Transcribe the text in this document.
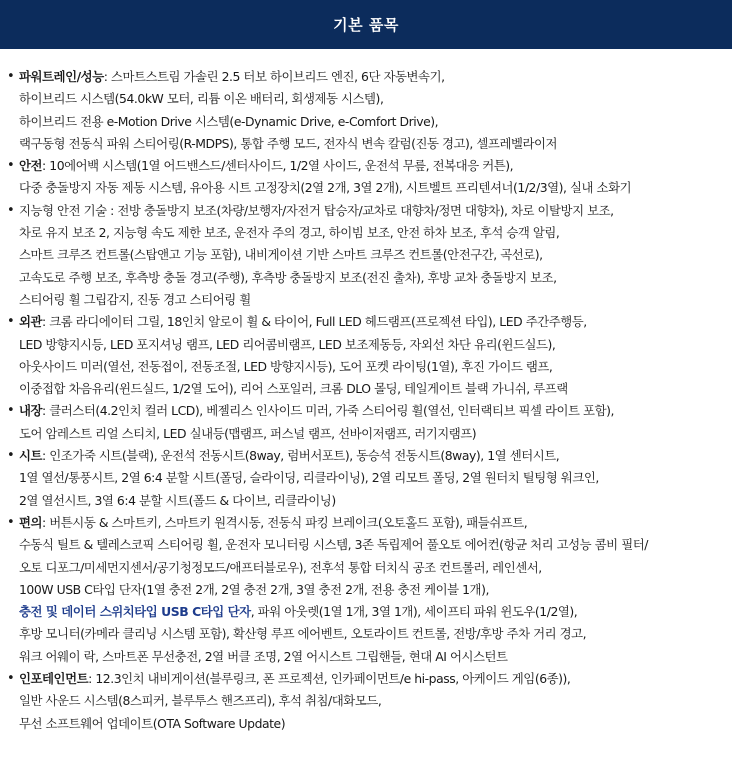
기본 품목
• 파워트레인/성능: 스마트스트림 가솔린 2.5 터보 하이브리드 엔진, 6단 자동변속기,
하이브리드 시스템(54.0kW 모터, 리튬 이온 배터리, 회생제동 시스템),
하이브리드 전용 e-Motion Drive 시스템(e-Dynamic Drive, e-Comfort Drive),
랙구동형 전동식 파워 스티어링(R-MDPS), 통합 주행 모드, 전자식 변속 칼럼(진동 경고), 셀프레벨라이저
• 안전: 10에어백 시스템(1열 어드밴스드/센터사이드, 1/2열 사이드, 운전석 무릎, 전복대응 커튼),
다중 충돌방지 자동 제동 시스템, 유아용 시트 고정장치(2열 2개, 3열 2개), 시트벨트 프리텐셔너(1/2/3열), 실내 소화기
• 지능형 안전 기술 : 전방 충돌방지 보조(차량/보행자/자전거 탑승자/교차로 대향차/정면 대향차), 차로 이탈방지 보조,
차로 유지 보조 2, 지능형 속도 제한 보조, 운전자 주의 경고, 하이빔 보조, 안전 하차 보조, 후석 승객 알림,
스마트 크루즈 컨트롤(스탑앤고 기능 포함), 내비게이션 기반 스마트 크루즈 컨트롤(안전구간, 곡선로),
고속도로 주행 보조, 후측방 충돌 경고(주행), 후측방 충돌방지 보조(전진 출차), 후방 교차 충돌방지 보조,
스티어링 휠 그립감지, 진동 경고 스티어링 휠
• 외관: 크롬 라디에이터 그릴, 18인치 알로이 휠 & 타이어, Full LED 헤드램프(프로젝션 타입), LED 주간주행등,
LED 방향지시등, LED 포지셔닝 램프, LED 리어콤비램프, LED 보조제동등, 자외선 차단 유리(윈드실드),
아웃사이드 미러(열선, 전동접이, 전동조절, LED 방향지시등), 도어 포켓 라이팅(1열), 후진 가이드 램프,
이중접합 차음유리(윈드실드, 1/2열 도어), 리어 스포일러, 크롬 DLO 몰딩, 테일게이트 블랙 가니쉬, 루프랙
• 내장: 클러스터(4.2인치 컬러 LCD), 베젤리스 인사이드 미러, 가죽 스티어링 휠(열선, 인터랙티브 픽셀 라이트 포함),
도어 암레스트 리얼 스티치, LED 실내등(맵램프, 퍼스널 램프, 선바이저램프, 러기지램프)
• 시트: 인조가죽 시트(블랙), 운전석 전동시트(8way, 럼버서포트), 동승석 전동시트(8way), 1열 센터시트,
1열 열선/통풍시트, 2열 6:4 분할 시트(폴딩, 슬라이딩, 리클라이닝), 2열 리모트 폴딩, 2열 원터치 틸팅형 워크인,
2열 열선시트, 3열 6:4 분할 시트(폴드 & 다이브, 리클라이닝)
• 편의: 버튼시동 & 스마트키, 스마트키 원격시동, 전동식 파킹 브레이크(오토홀드 포함), 패들쉬프트,
수동식 틸트 & 텔레스코픽 스티어링 휠, 운전자 모니터링 시스템, 3존 독립제어 풀오토 에어컨(항균 처리 고성능 콤비 필터/
오토 디포그/미세먼지센서/공기청정모드/애프터블로우), 전후석 통합 터치식 공조 컨트롤러, 레인센서,
100W USB C타입 단자(1열 충전 2개, 2열 충전 2개, 3열 충전 2개, 전용 충전 케이블 1개),
충전 및 데이터 스위치타입 USB C타입 단자, 파워 아웃렛(1열 1개, 3열 1개), 세이프티 파워 윈도우(1/2열),
후방 모니터(카메라 클리닝 시스템 포함), 확산형 루프 에어벤트, 오토라이트 컨트롤, 전방/후방 주차 거리 경고,
워크 어웨이 락, 스마트폰 무선충전, 2열 버클 조명, 2열 어시스트 그립핸들, 현대 AI 어시스턴트
• 인포테인먼트: 12.3인치 내비게이션(블루링크, 폰 프로젝션, 인카페이먼트/e hi-pass, 아케이드 게임(6종)),
일반 사운드 시스템(8스피커, 블루투스 핸즈프리), 후석 취침/대화모드,
무선 소프트웨어 업데이트(OTA Software Update)
